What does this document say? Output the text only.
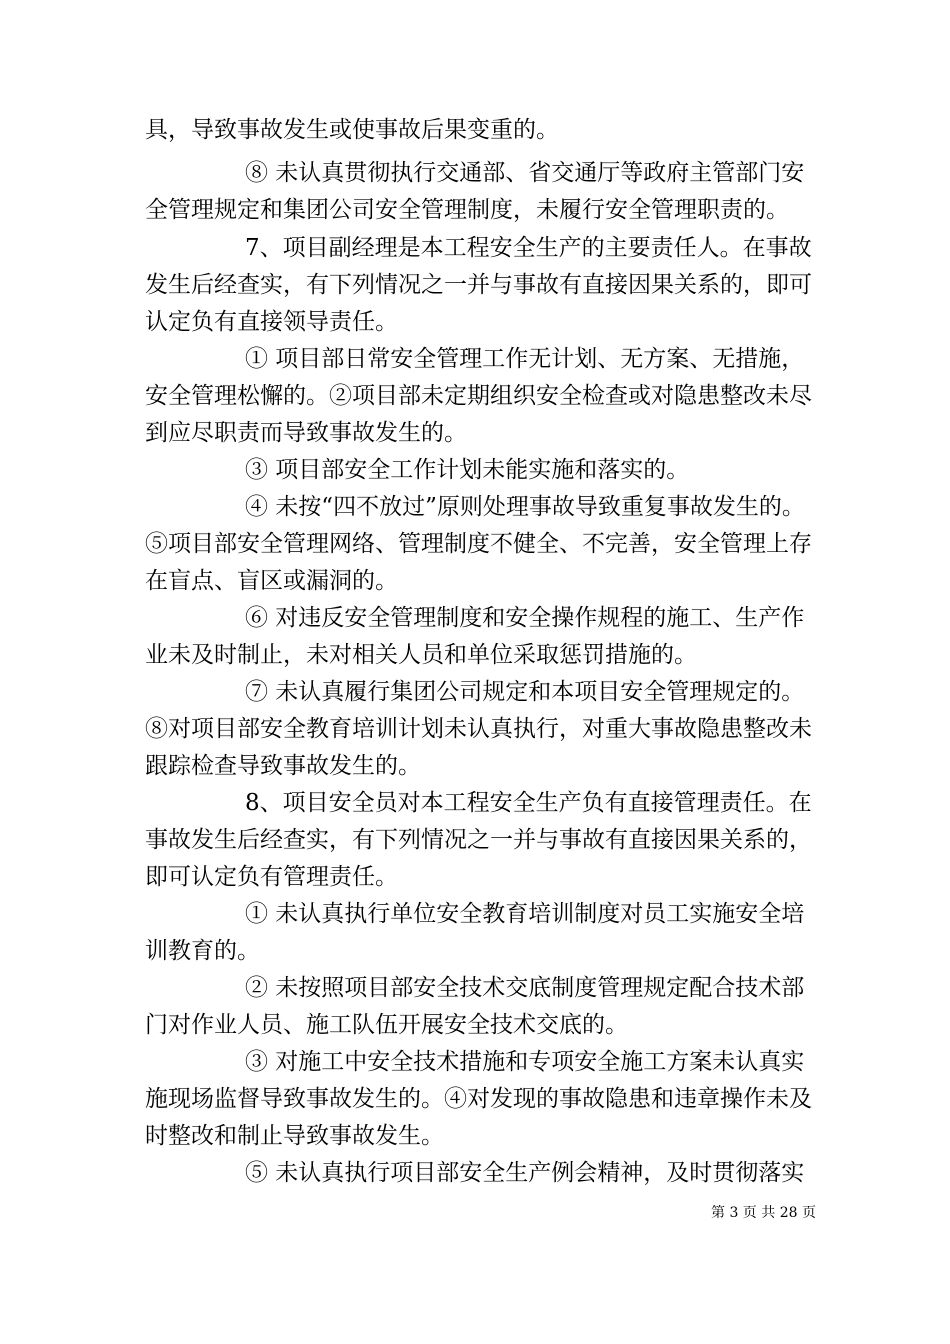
具，导致事故发生或使事故后果变重的。
⑧ 未认真贯彻执行交通部、省交通厅等政府主管部门安
全管理规定和集团公司安全管理制度，未履行安全管理职责的。
7、项目副经理是本工程安全生产的主要责任人。在事故
发生后经查实，有下列情况之一并与事故有直接因果关系的，即可
认定负有直接领导责任。
① 项目部日常安全管理工作无计划、无方案、无措施，
安全管理松懈的。②项目部未定期组织安全检查或对隐患整改未尽
到应尽职责而导致事故发生的。
③ 项目部安全工作计划未能实施和落实的。
④ 未按“四不放过”原则处理事故导致重复事故发生的。
⑤项目部安全管理网络、管理制度不健全、不完善，安全管理上存
在盲点、盲区或漏洞的。
⑥ 对违反安全管理制度和安全操作规程的施工、生产作
业未及时制止，未对相关人员和单位采取惩罚措施的。
⑦ 未认真履行集团公司规定和本项目安全管理规定的。
⑧对项目部安全教育培训计划未认真执行，对重大事故隐患整改未
跟踪检查导致事故发生的。
8、项目安全员对本工程安全生产负有直接管理责任。在
事故发生后经查实，有下列情况之一并与事故有直接因果关系的，
即可认定负有管理责任。
① 未认真执行单位安全教育培训制度对员工实施安全培
训教育的。
② 未按照项目部安全技术交底制度管理规定配合技术部
门对作业人员、施工队伍开展安全技术交底的。
③ 对施工中安全技术措施和专项安全施工方案未认真实
施现场监督导致事故发生的。④对发现的事故隐患和违章操作未及
时整改和制止导致事故发生。
⑤ 未认真执行项目部安全生产例会精神，及时贯彻落实
第 3 页 共 28 页
